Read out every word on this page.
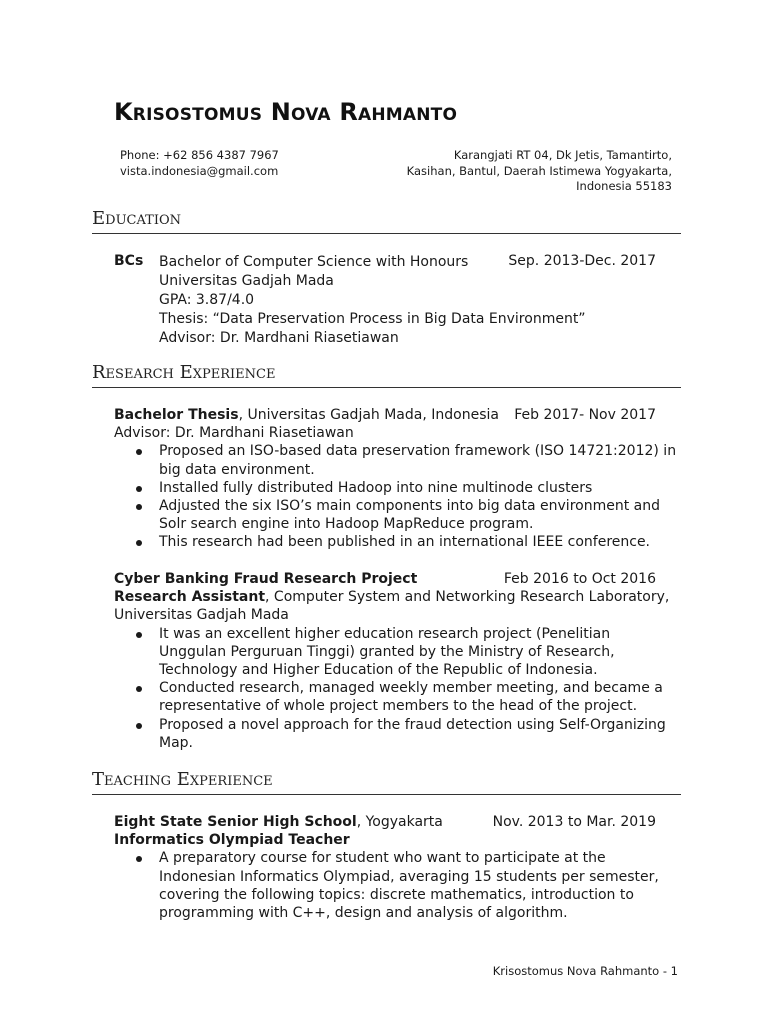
Krisostomus Nova Rahmanto
Phone: +62 856 4387 7967
vista.indonesia@gmail.com
Karangjati RT 04, Dk Jetis, Tamantirto,
Kasihan, Bantul, Daerah Istimewa Yogyakarta,
Indonesia 55183
Education
BCs Bachelor of Computer Science with Honours
Universitas Gadjah Mada
GPA: 3.87/4.0
Thesis: “Data Preservation Process in Big Data Environment”
Advisor: Dr. Mardhani Riasetiawan
Sep. 2013-Dec. 2017
Research Experience
Bachelor Thesis, Universitas Gadjah Mada, Indonesia Feb 2017- Nov 2017
Advisor: Dr. Mardhani Riasetiawan
Proposed an ISO-based data preservation framework (ISO 14721:2012) in big data environment.
Installed fully distributed Hadoop into nine multinode clusters
Adjusted the six ISO’s main components into big data environment and Solr search engine into Hadoop MapReduce program.
This research had been published in an international IEEE conference.
Cyber Banking Fraud Research Project	Feb 2016 to Oct 2016
Research Assistant, Computer System and Networking Research Laboratory,
Universitas Gadjah Mada
It was an excellent higher education research project (Penelitian Unggulan Perguruan Tinggi) granted by the Ministry of Research, Technology and Higher Education of the Republic of Indonesia.
Conducted research, managed weekly member meeting, and became a representative of whole project members to the head of the project.
Proposed a novel approach for the fraud detection using Self-Organizing Map.
Teaching Experience
Eight State Senior High School, Yogyakarta	Nov. 2013 to Mar. 2019
Informatics Olympiad Teacher
A preparatory course for student who want to participate at the Indonesian Informatics Olympiad, averaging 15 students per semester, covering the following topics: discrete mathematics, introduction to programming with C++, design and analysis of algorithm.
Krisostomus Nova Rahmanto - 1
